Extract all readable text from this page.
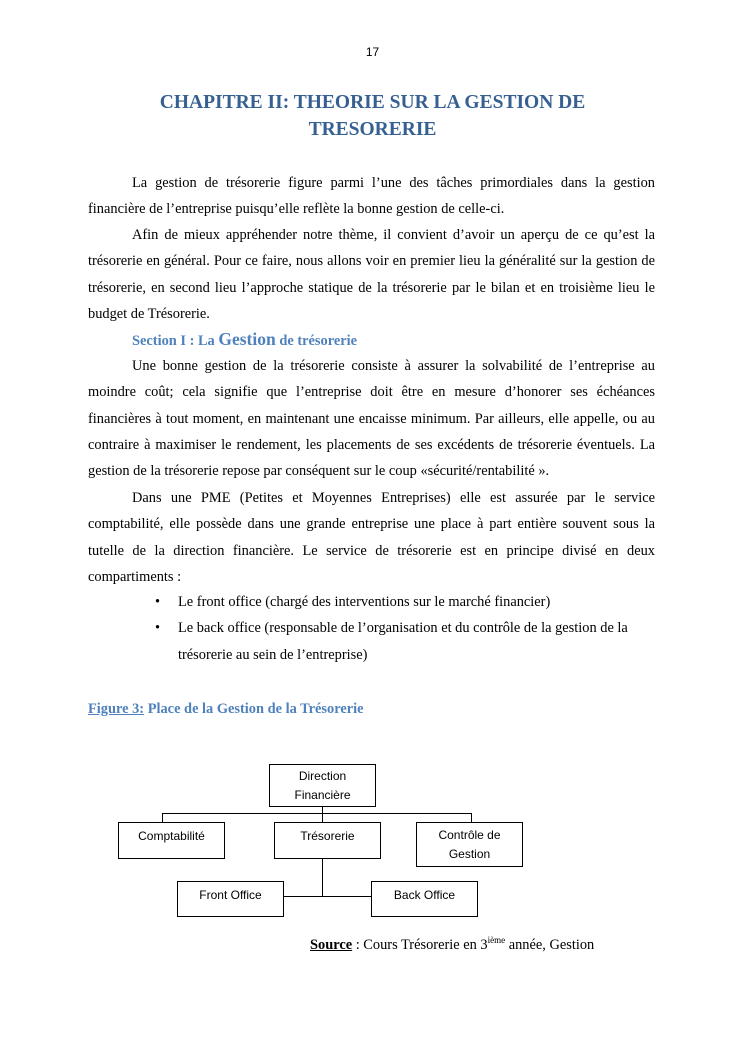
17
CHAPITRE II: THEORIE SUR LA GESTION DE TRESORERIE

La gestion de trésorerie figure parmi l’une des tâches primordiales dans la gestion financière de l’entreprise puisqu’elle reflète la bonne gestion de celle-ci.

Afin de mieux appréhender notre thème, il convient d’avoir un aperçu de ce qu’est la trésorerie en général. Pour ce faire, nous allons voir en premier lieu la généralité sur la gestion de trésorerie, en second lieu l’approche statique de la trésorerie par le bilan et en troisième lieu le budget de Trésorerie.

Section I : La Gestion de trésorerie

Une bonne gestion de la trésorerie consiste à assurer la solvabilité de l’entreprise au moindre coût; cela signifie que l’entreprise doit être en mesure d’honorer ses échéances financières à tout moment, en maintenant une encaisse minimum. Par ailleurs, elle appelle, ou au contraire à maximiser le rendement, les placements de ses excédents de trésorerie éventuels. La gestion de la trésorerie repose par conséquent sur le coup «sécurité/rentabilité ».

Dans une PME (Petites et Moyennes Entreprises) elle est assurée par le service comptabilité, elle possède dans une grande entreprise une place à part entière souvent sous la tutelle de la direction financière. Le service de trésorerie est en principe divisé en deux compartiments :

• Le front office (chargé des interventions sur le marché financier)
• Le back office (responsable de l’organisation et du contrôle de la gestion de la trésorerie au sein de l’entreprise)
Figure 3: Place de la Gestion de la Trésorerie
Direction
Financière
Comptabilité	Trésorerie	Contrôle de
Gestion
Front Office	Back Office
Source : Cours Trésorerie en 3ième année, Gestion
